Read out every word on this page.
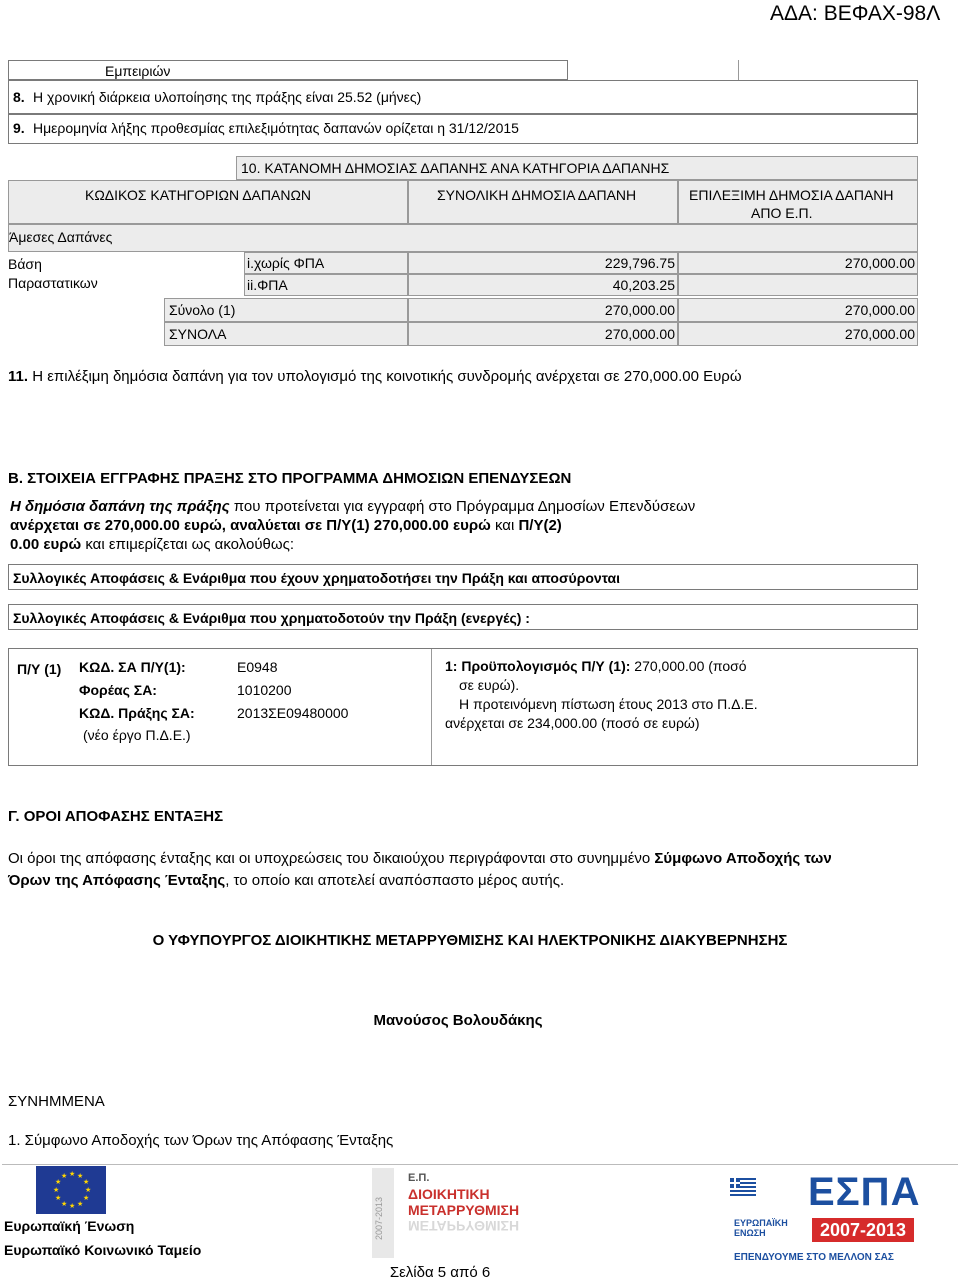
ΑΔΑ: ΒΕΦΑΧ-98Λ
Εμπειριών
8. Η χρονική διάρκεια υλοποίησης της πράξης είναι 25.52 (μήνες)
9. Ημερομηνία λήξης προθεσμίας επιλεξιμότητας δαπανών ορίζεται η 31/12/2015
10. ΚΑΤΑΝΟΜΗ ΔΗΜΟΣΙΑΣ ΔΑΠΑΝΗΣ ΑΝΑ ΚΑΤΗΓΟΡΙΑ ΔΑΠΑΝΗΣ
ΚΩΔΙΚΟΣ ΚΑΤΗΓΟΡΙΩΝ ΔΑΠΑΝΩΝ	ΣΥΝΟΛΙΚΗ ΔΗΜΟΣΙΑ ΔΑΠΑΝΗ	ΕΠΙΛΕΞΙΜΗ ΔΗΜΟΣΙΑ ΔΑΠΑΝΗ
ΑΠΟ Ε.Π.
Άμεσες Δαπάνες
Βάση
Παραστατικων
i.χωρίς ΦΠΑ	229,796.75	270,000.00
ii.ΦΠΑ	40,203.25
Σύνολο (1)	270,000.00	270,000.00
ΣΥΝΟΛΑ	270,000.00	270,000.00
11. Η επιλέξιμη δημόσια δαπάνη για τον υπολογισμό της κοινοτικής συνδρομής ανέρχεται σε 270,000.00 Ευρώ
Β. ΣΤΟΙΧΕΙΑ ΕΓΓΡΑΦΗΣ ΠΡΑΞΗΣ ΣΤΟ ΠΡΟΓΡΑΜΜΑ ΔΗΜΟΣΙΩΝ ΕΠΕΝΔΥΣΕΩΝ
Η δημόσια δαπάνη της πράξης που προτείνεται για εγγραφή στο Πρόγραμμα Δημοσίων Επενδύσεων
ανέρχεται σε 270,000.00 ευρώ, αναλύεται σε Π/Υ(1) 270,000.00 ευρώ και Π/Υ(2)
0.00 ευρώ και επιμερίζεται ως ακολούθως:
Συλλογικές Αποφάσεις & Ενάριθμα που έχουν χρηματοδοτήσει την Πράξη και αποσύρονται
Συλλογικές Αποφάσεις & Ενάριθμα που χρηματοδοτούν την Πράξη (ενεργές) :
Π/Υ (1) ΚΩΔ. ΣΑ Π/Υ(1):	Ε0948
Φορέας ΣΑ:	1010200
ΚΩΔ. Πράξης ΣΑ:	2013ΣΕ09480000
(νέο έργο Π.Δ.Ε.)
1: Προϋπολογισμός Π/Υ (1): 270,000.00 (ποσό
σε ευρώ).
Η προτεινόμενη πίστωση έτους 2013 στο Π.Δ.Ε.
ανέρχεται σε 234,000.00 (ποσό σε ευρώ)
Γ. ΟΡΟΙ ΑΠΟΦΑΣΗΣ ΕΝΤΑΞΗΣ
Οι όροι της απόφασης ένταξης και οι υποχρεώσεις του δικαιούχου περιγράφονται στο συνημμένο Σύμφωνο Αποδοχής των
Όρων της Απόφασης Ένταξης, το οποίο και αποτελεί αναπόσπαστο μέρος αυτής.
Ο ΥΦΥΠΟΥΡΓΟΣ ΔΙΟΙΚΗΤΙΚΗΣ ΜΕΤΑΡΡΥΘΜΙΣΗΣ ΚΑΙ ΗΛΕΚΤΡΟΝΙΚΗΣ ΔΙΑΚΥΒΕΡΝΗΣΗΣ
Μανούσος Βολουδάκης
ΣΥΝΗΜΜΕΝΑ
1. Σύμφωνο Αποδοχής των Όρων της Απόφασης Ένταξης
★ ★
★
★
★
★
★
★
★
★
★
★
Ευρωπαϊκή Ένωση
Ευρωπαϊκό Κοινωνικό Ταμείο
2007-2013
Ε.Π.
ΔΙΟΙΚΗΤΙΚΗ
ΜΕΤΑΡΡΥΘΜΙΣΗ
ΜΕΤΑΡΡΥΘΜΙΣΗ
Σελίδα 5 από 6
ΕΣΠΑ
2007-2013
ΕΥΡΩΠΑΪΚΗ ΕΝΩΣΗ
ΕΠΕΝΔΥΟΥΜΕ ΣΤΟ ΜΕΛΛΟΝ ΣΑΣ
